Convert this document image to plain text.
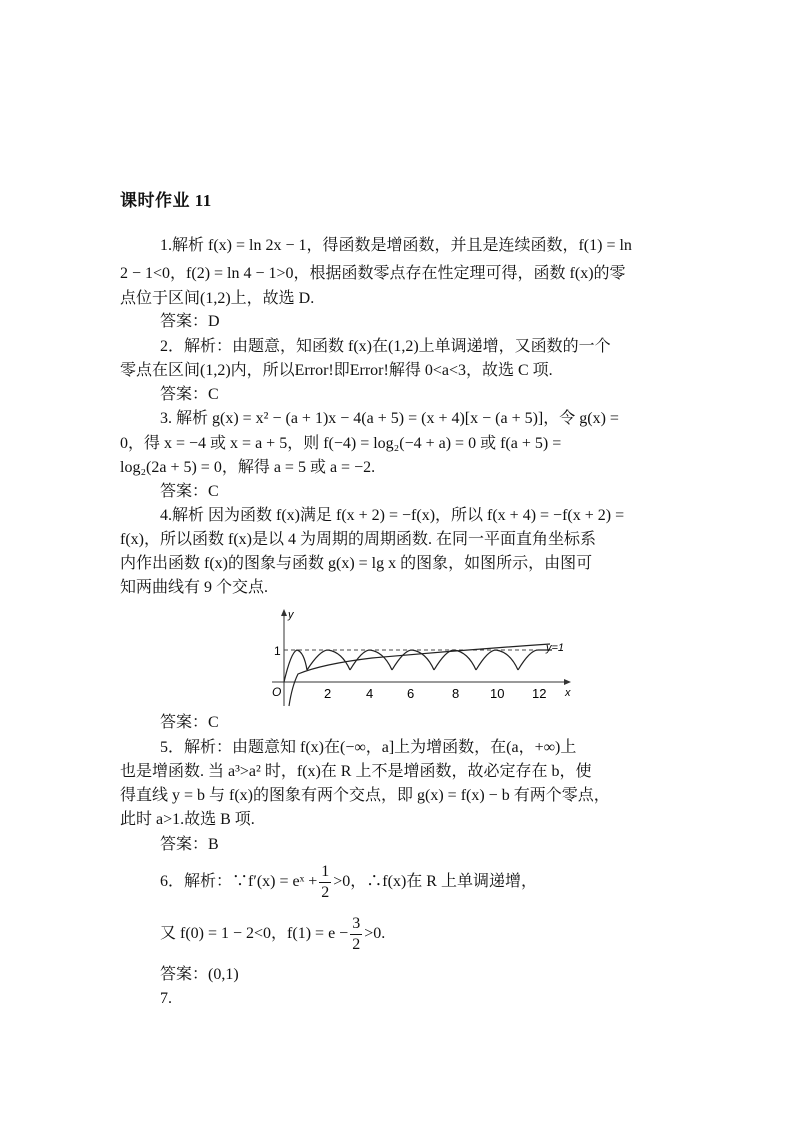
课时作业 11
1.解析 f(x) = ln 2x − 1，得函数是增函数，并且是连续函数，f(1) = ln
2 − 1<0，f(2) = ln 4 − 1>0，根据函数零点存在性定理可得，函数 f(x)的零
点位于区间(1,2)上，故选 D.
答案：D
2．解析：由题意，知函数 f(x)在(1,2)上单调递增，又函数的一个
零点在区间(1,2)内，所以Error!即Error!解得 0<a<3，故选 C 项.
答案：C
3. 解析 g(x) = x² − (a + 1)x − 4(a + 5) = (x + 4)[x − (a + 5)]，令 g(x) =
0，得 x = −4 或 x = a + 5，则 f(−4) = log₂(−4 + a) = 0 或 f(a + 5) =
log₂(2a + 5) = 0，解得 a = 5 或 a = −2.
答案：C
4.解析 因为函数 f(x)满足 f(x + 2) = −f(x)，所以 f(x + 4) = −f(x + 2) =
f(x)，所以函数 f(x)是以 4 为周期的周期函数. 在同一平面直角坐标系
内作出函数 f(x)的图象与函数 g(x) = lg x 的图象，如图所示，由图可
知两曲线有 9 个交点.
y
x
O
1	y=1
2	4	6	8 10 12
答案：C
5．解析：由题意知 f(x)在(−∞，a]上为增函数，在(a，+∞)上
也是增函数. 当 a³>a² 时，f(x)在 R 上不是增函数，故必定存在 b，使
得直线 y = b 与 f(x)的图象有两个交点，即 g(x) = f(x) − b 有两个零点，
此时 a>1.故选 B 项.
答案：B
6．解析：∵f′(x) = eˣ + $\frac{1}{2} >0$，∴f(x)在 R 上单调递增，
又 f(0) = 1 − 2<0，$f(1) = e - \frac{3}{2} >0$.
答案：(0,1)
7.
